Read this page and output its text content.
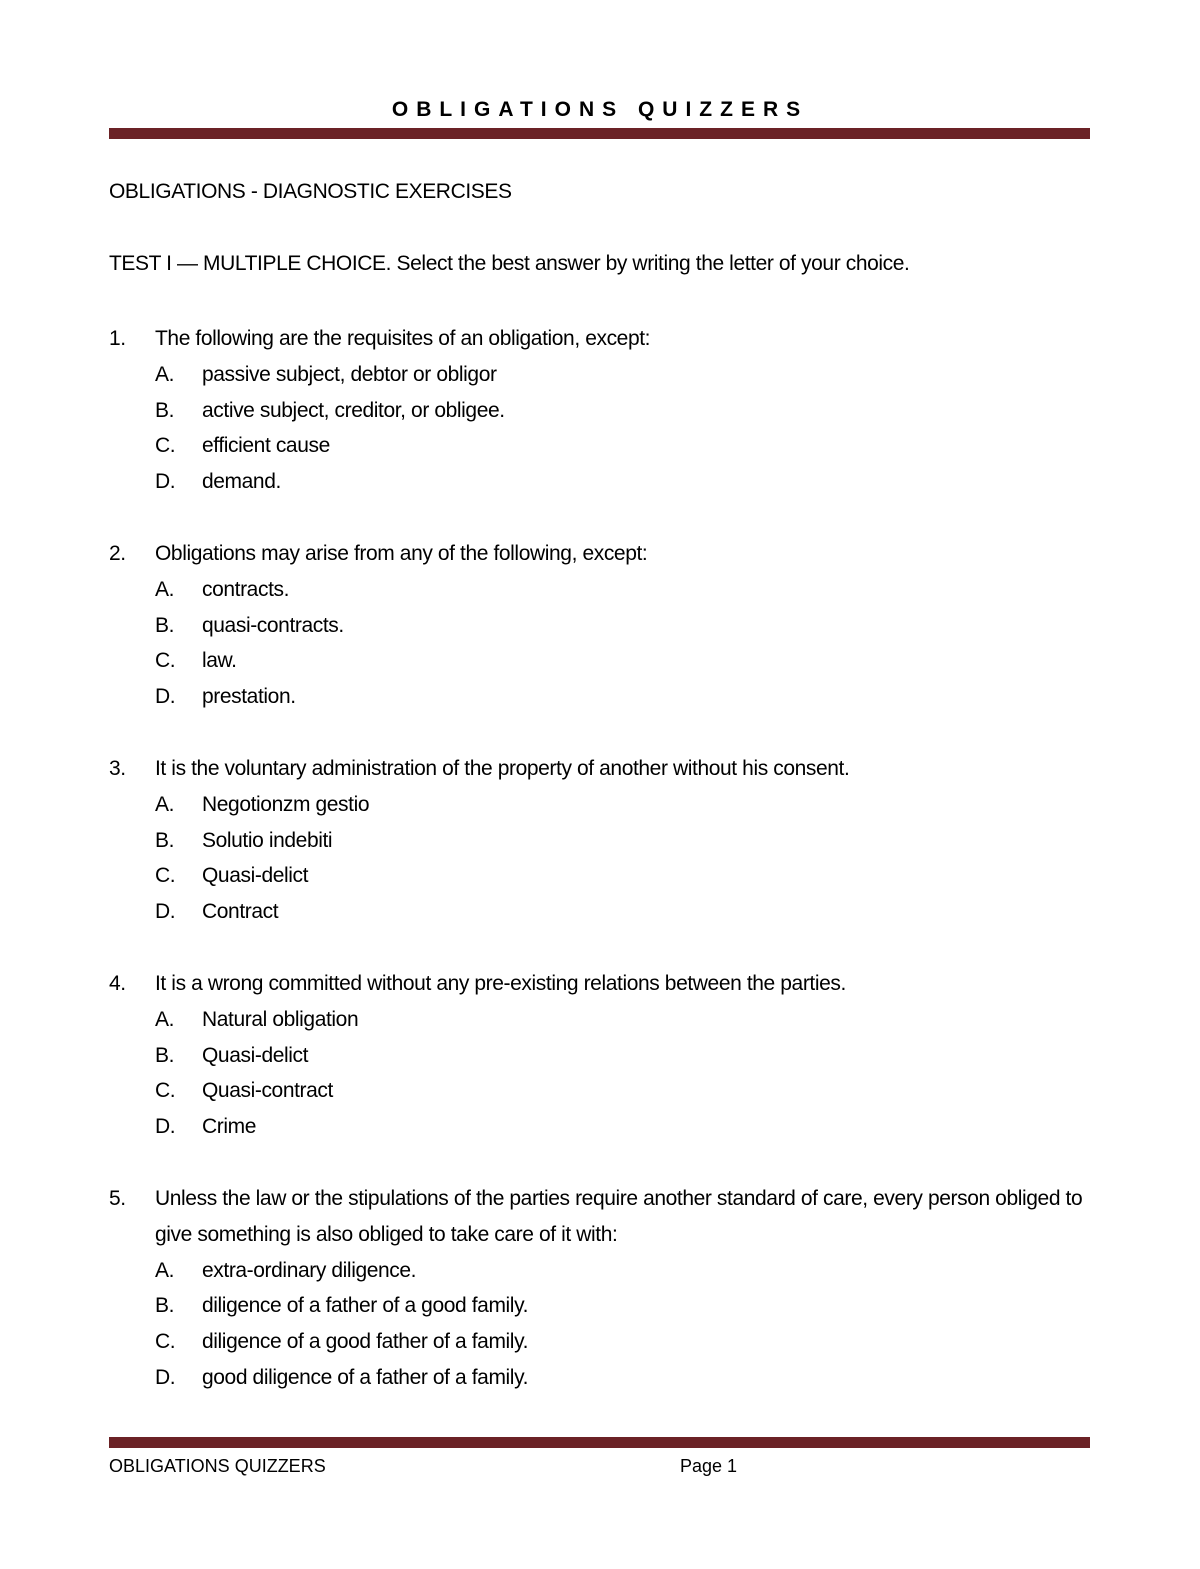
OBLIGATIONS QUIZZERS
OBLIGATIONS - DIAGNOSTIC EXERCISES
TEST I — MULTIPLE CHOICE. Select the best answer by writing the letter of your choice.
1.	The following are the requisites of an obligation, except:
A.	passive subject, debtor or obligor
B.	active subject, creditor, or obligee.
C.	efficient cause
D.	demand.
2.	Obligations may arise from any of the following, except:
A.	contracts.
B.	quasi-contracts.
C.	law.
D.	prestation.
3.	It is the voluntary administration of the property of another without his consent.
A.	Negotionzm gestio
B.	Solutio indebiti
C.	Quasi-delict
D.	Contract
4.	It is a wrong committed without any pre-existing relations between the parties.
A.	Natural obligation
B.	Quasi-delict
C.	Quasi-contract
D.	Crime
5.	Unless the law or the stipulations of the parties require another standard of care, every person obliged to give something is also obliged to take care of it with:
A.	extra-ordinary diligence.
B.	diligence of a father of a good family.
C.	diligence of a good father of a family.
D.	good diligence of a father of a family.
OBLIGATIONS QUIZZERS	Page 1
